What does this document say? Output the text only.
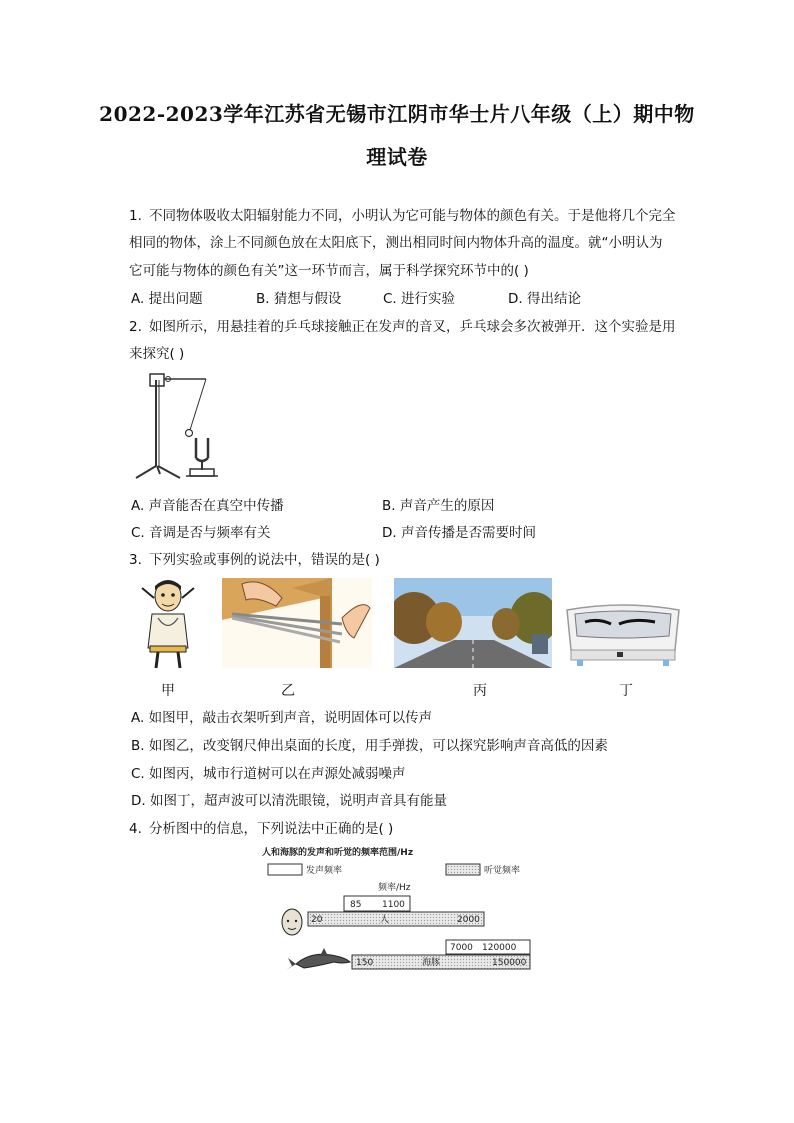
2022-2023学年江苏省无锡市江阴市华士片八年级（上）期中物
理试卷
1. 不同物体吸收太阳辐射能力不同，小明认为它可能与物体的颜色有关。于是他将几个完全
相同的物体，涂上不同颜色放在太阳底下，测出相同时间内物体升高的温度。就“小明认为
它可能与物体的颜色有关”这一环节而言，属于科学探究环节中的( )
A. 提出问题	B. 猜想与假设	C. 进行实验	D. 得出结论
2. 如图所示，用悬挂着的乒乓球接触正在发声的音叉，乒乓球会多次被弹开．这个实验是用
来探究( )
A. 声音能否在真空中传播	B. 声音产生的原因
C. 音调是否与频率有关	D. 声音传播是否需要时间
3. 下列实验或事例的说法中，错误的是( )
甲	乙	丙	丁
A. 如图甲，敲击衣架听到声音，说明固体可以传声
B. 如图乙，改变钢尺伸出桌面的长度，用手弹拨，可以探究影响声音高低的因素
C. 如图丙，城市行道树可以在声源处减弱噪声
D. 如图丁，超声波可以清洗眼镜，说明声音具有能量
4. 分析图中的信息，下列说法中正确的是( )
人和海豚的发声和听觉的频率范围/Hz
发声频率	听觉频率
频率/Hz
85 1100
20	人	2000
7000 120000
150	海豚	150000
